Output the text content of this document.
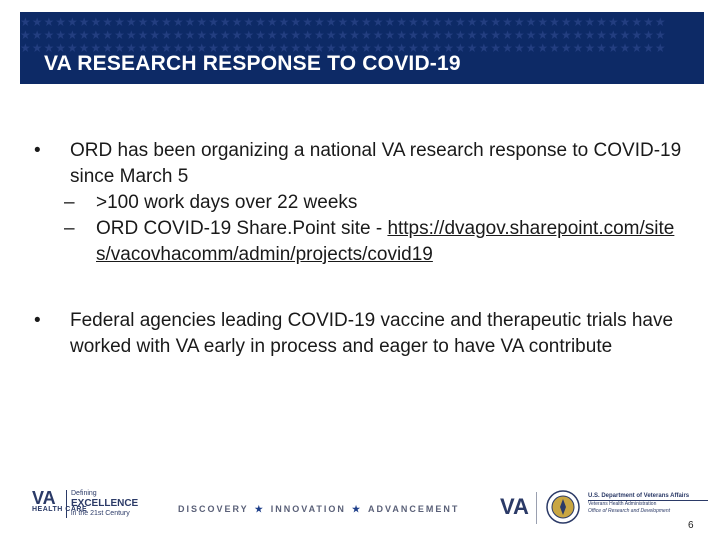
★★★★★★★★★★★★★★★★★★★★★★★★★★★★★★★★★★★★★★★★★★★★★★★★★★★★★★★
★★★★★★★★★★★★★★★★★★★★★★★★★★★★★★★★★★★★★★★★★★★★★★★★★★★★★★★
★★★★★★★★★★★★★★★★★★★★★★★★★★★★★★★★★★★★★★★★★★★★★★★★★★★★★★★
VA RESEARCH RESPONSE TO COVID-19
• ORD has been organizing a national VA research response to COVID-19 since March 5
– >100 work days over 22 weeks
– ORD COVID-19 Share.Point site - https://dvagov.sharepoint.com/sites/vacovhacomm/admin/projects/covid19
• Federal agencies leading COVID-19 vaccine and therapeutic trials have worked with VA early in process and eager to have VA contribute
VA
HEALTH CARE
Defining
EXCELLENCE
in the 21st Century	DISCOVERY ★ INNOVATION ★ ADVANCEMENT VA	U.S. Department of Veterans Affairs
Veterans Health Administration
Office of Research and Development
6
